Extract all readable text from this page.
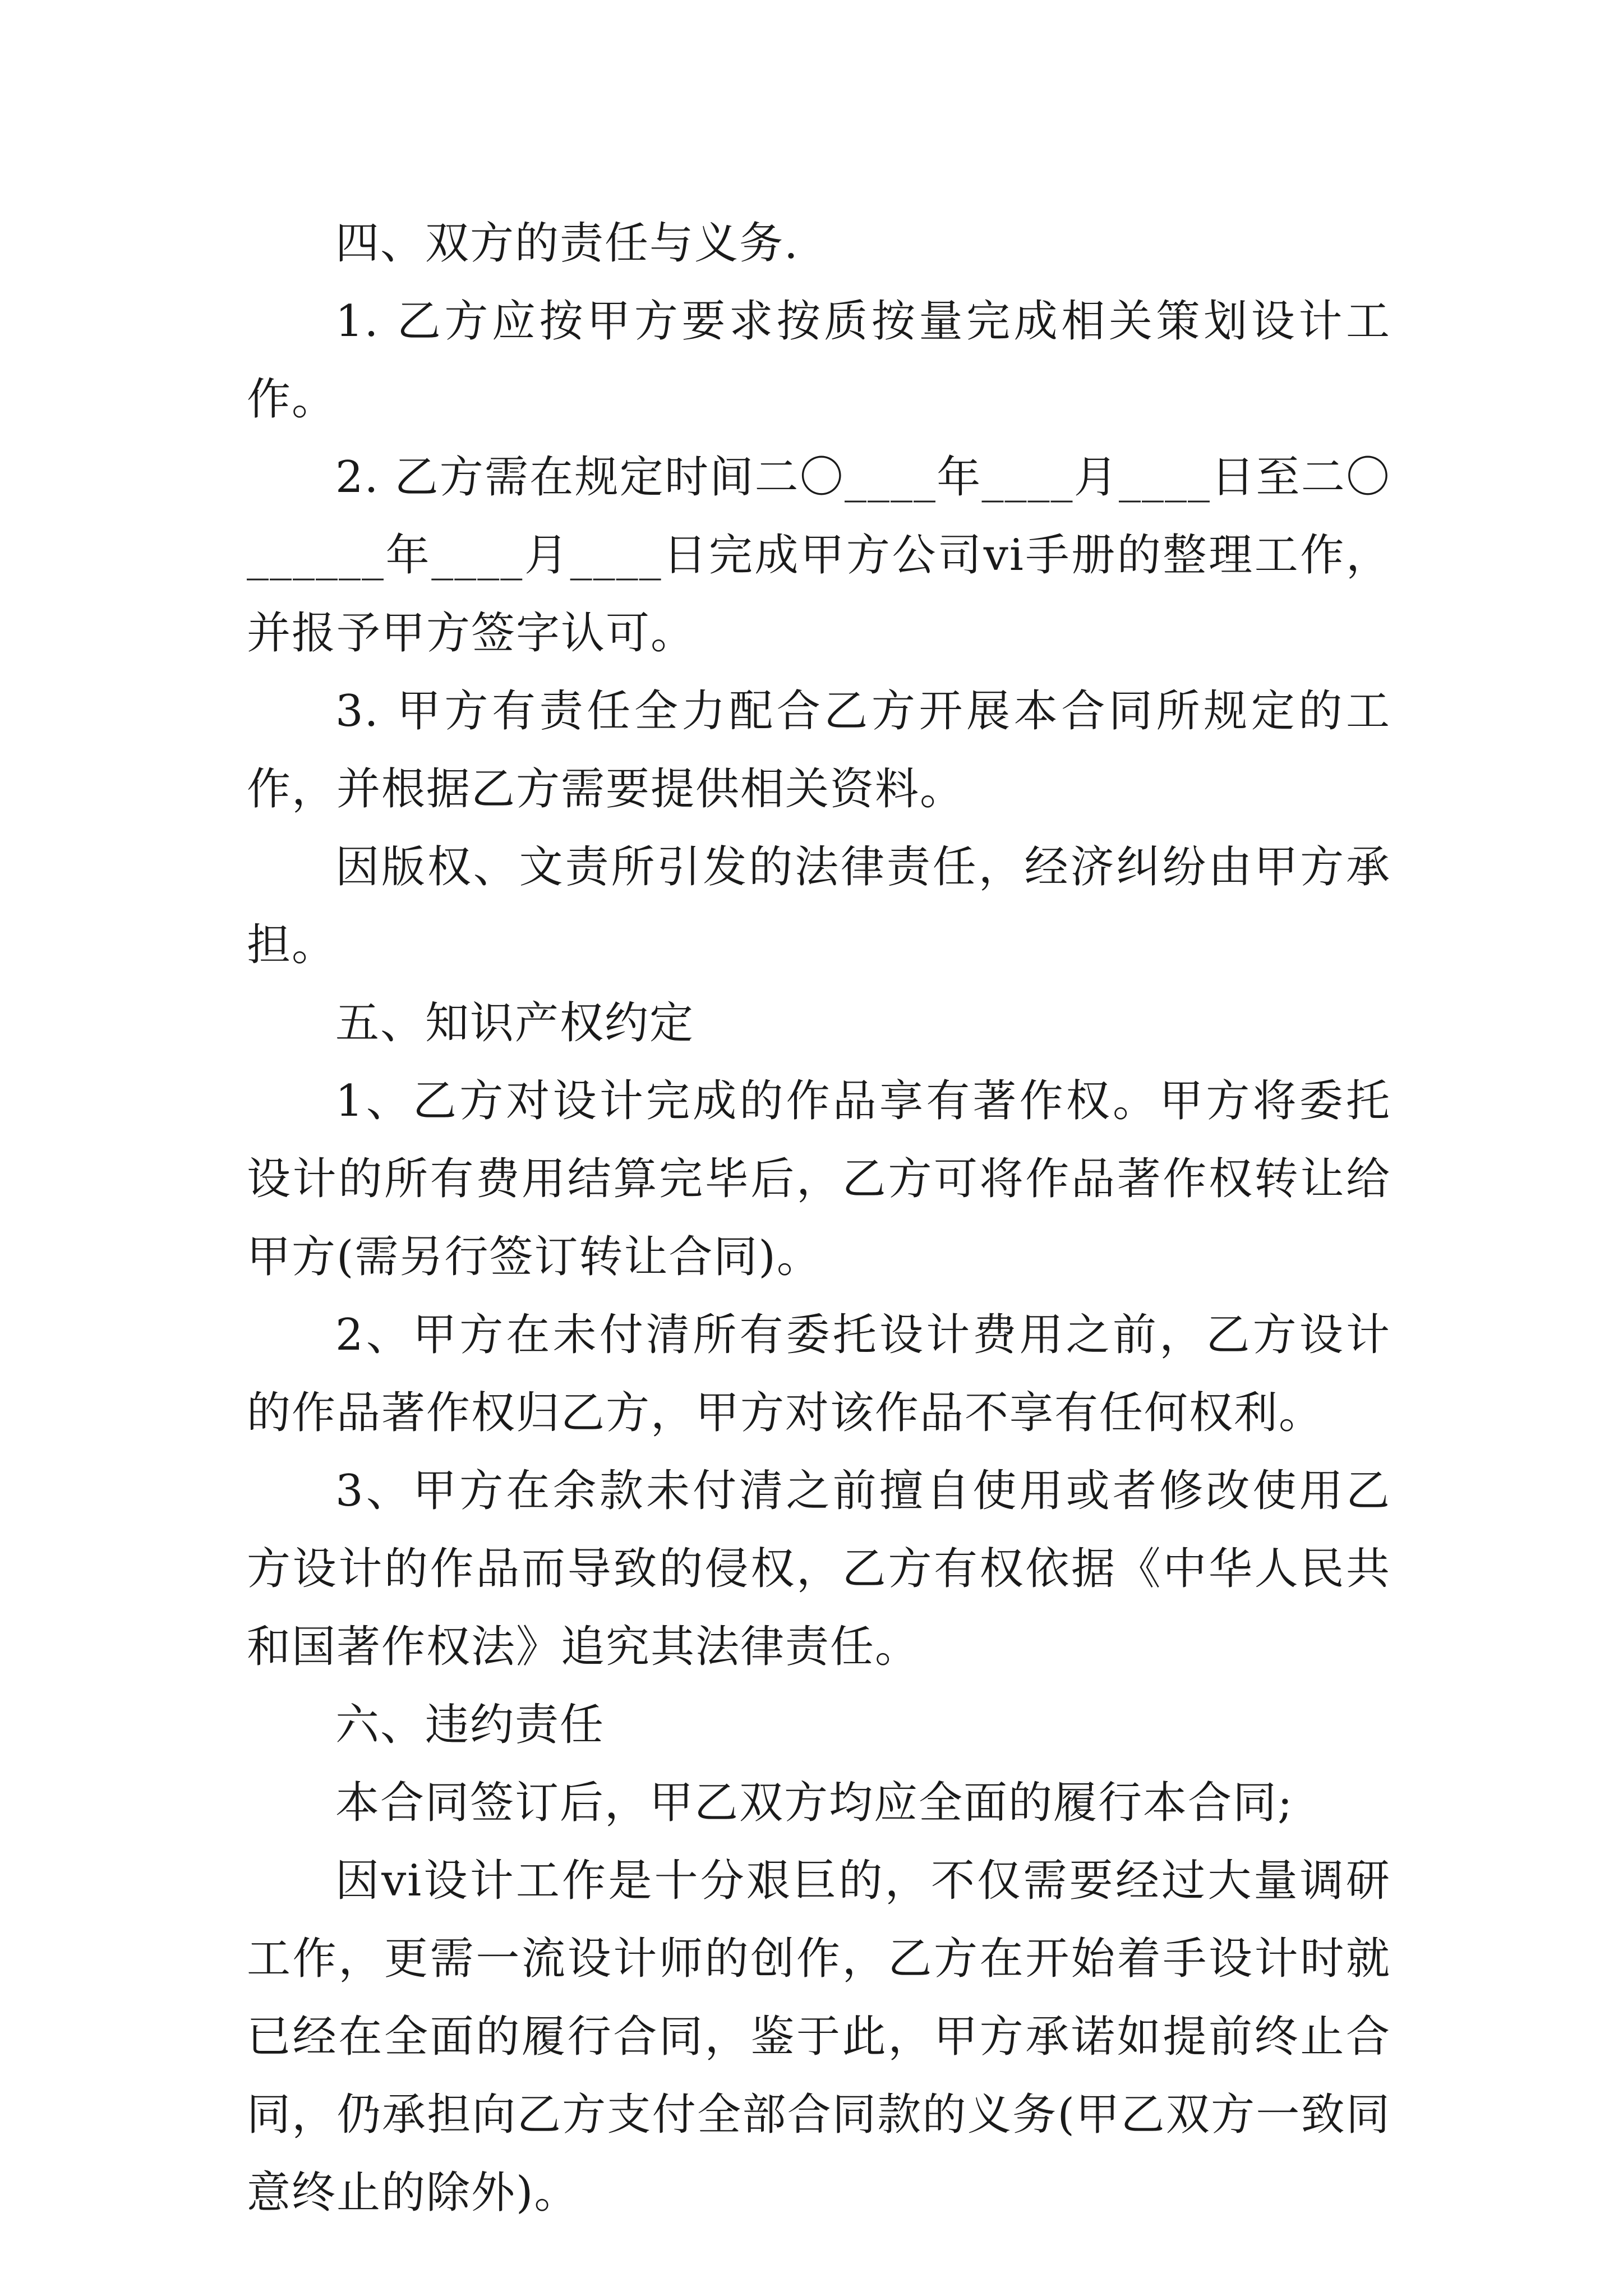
四、双方的责任与义务.

1. 乙方应按甲方要求按质按量完成相关策划设计工作。

2. 乙方需在规定时间二〇____年____月____日至二〇______年____月____日完成甲方公司vi手册的整理工作，并报予甲方签字认可。

3. 甲方有责任全力配合乙方开展本合同所规定的工作，并根据乙方需要提供相关资料。

因版权、文责所引发的法律责任，经济纠纷由甲方承担。

五、知识产权约定

1、乙方对设计完成的作品享有著作权。甲方将委托设计的所有费用结算完毕后，乙方可将作品著作权转让给甲方(需另行签订转让合同)。

2、甲方在未付清所有委托设计费用之前，乙方设计的作品著作权归乙方，甲方对该作品不享有任何权利。

3、甲方在余款未付清之前擅自使用或者修改使用乙方设计的作品而导致的侵权，乙方有权依据《中华人民共和国著作权法》追究其法律责任。

六、违约责任

本合同签订后，甲乙双方均应全面的履行本合同;

因vi设计工作是十分艰巨的，不仅需要经过大量调研工作，更需一流设计师的创作，乙方在开始着手设计时就已经在全面的履行合同，鉴于此，甲方承诺如提前终止合同，仍承担向乙方支付全部合同款的义务(甲乙双方一致同意终止的除外)。
